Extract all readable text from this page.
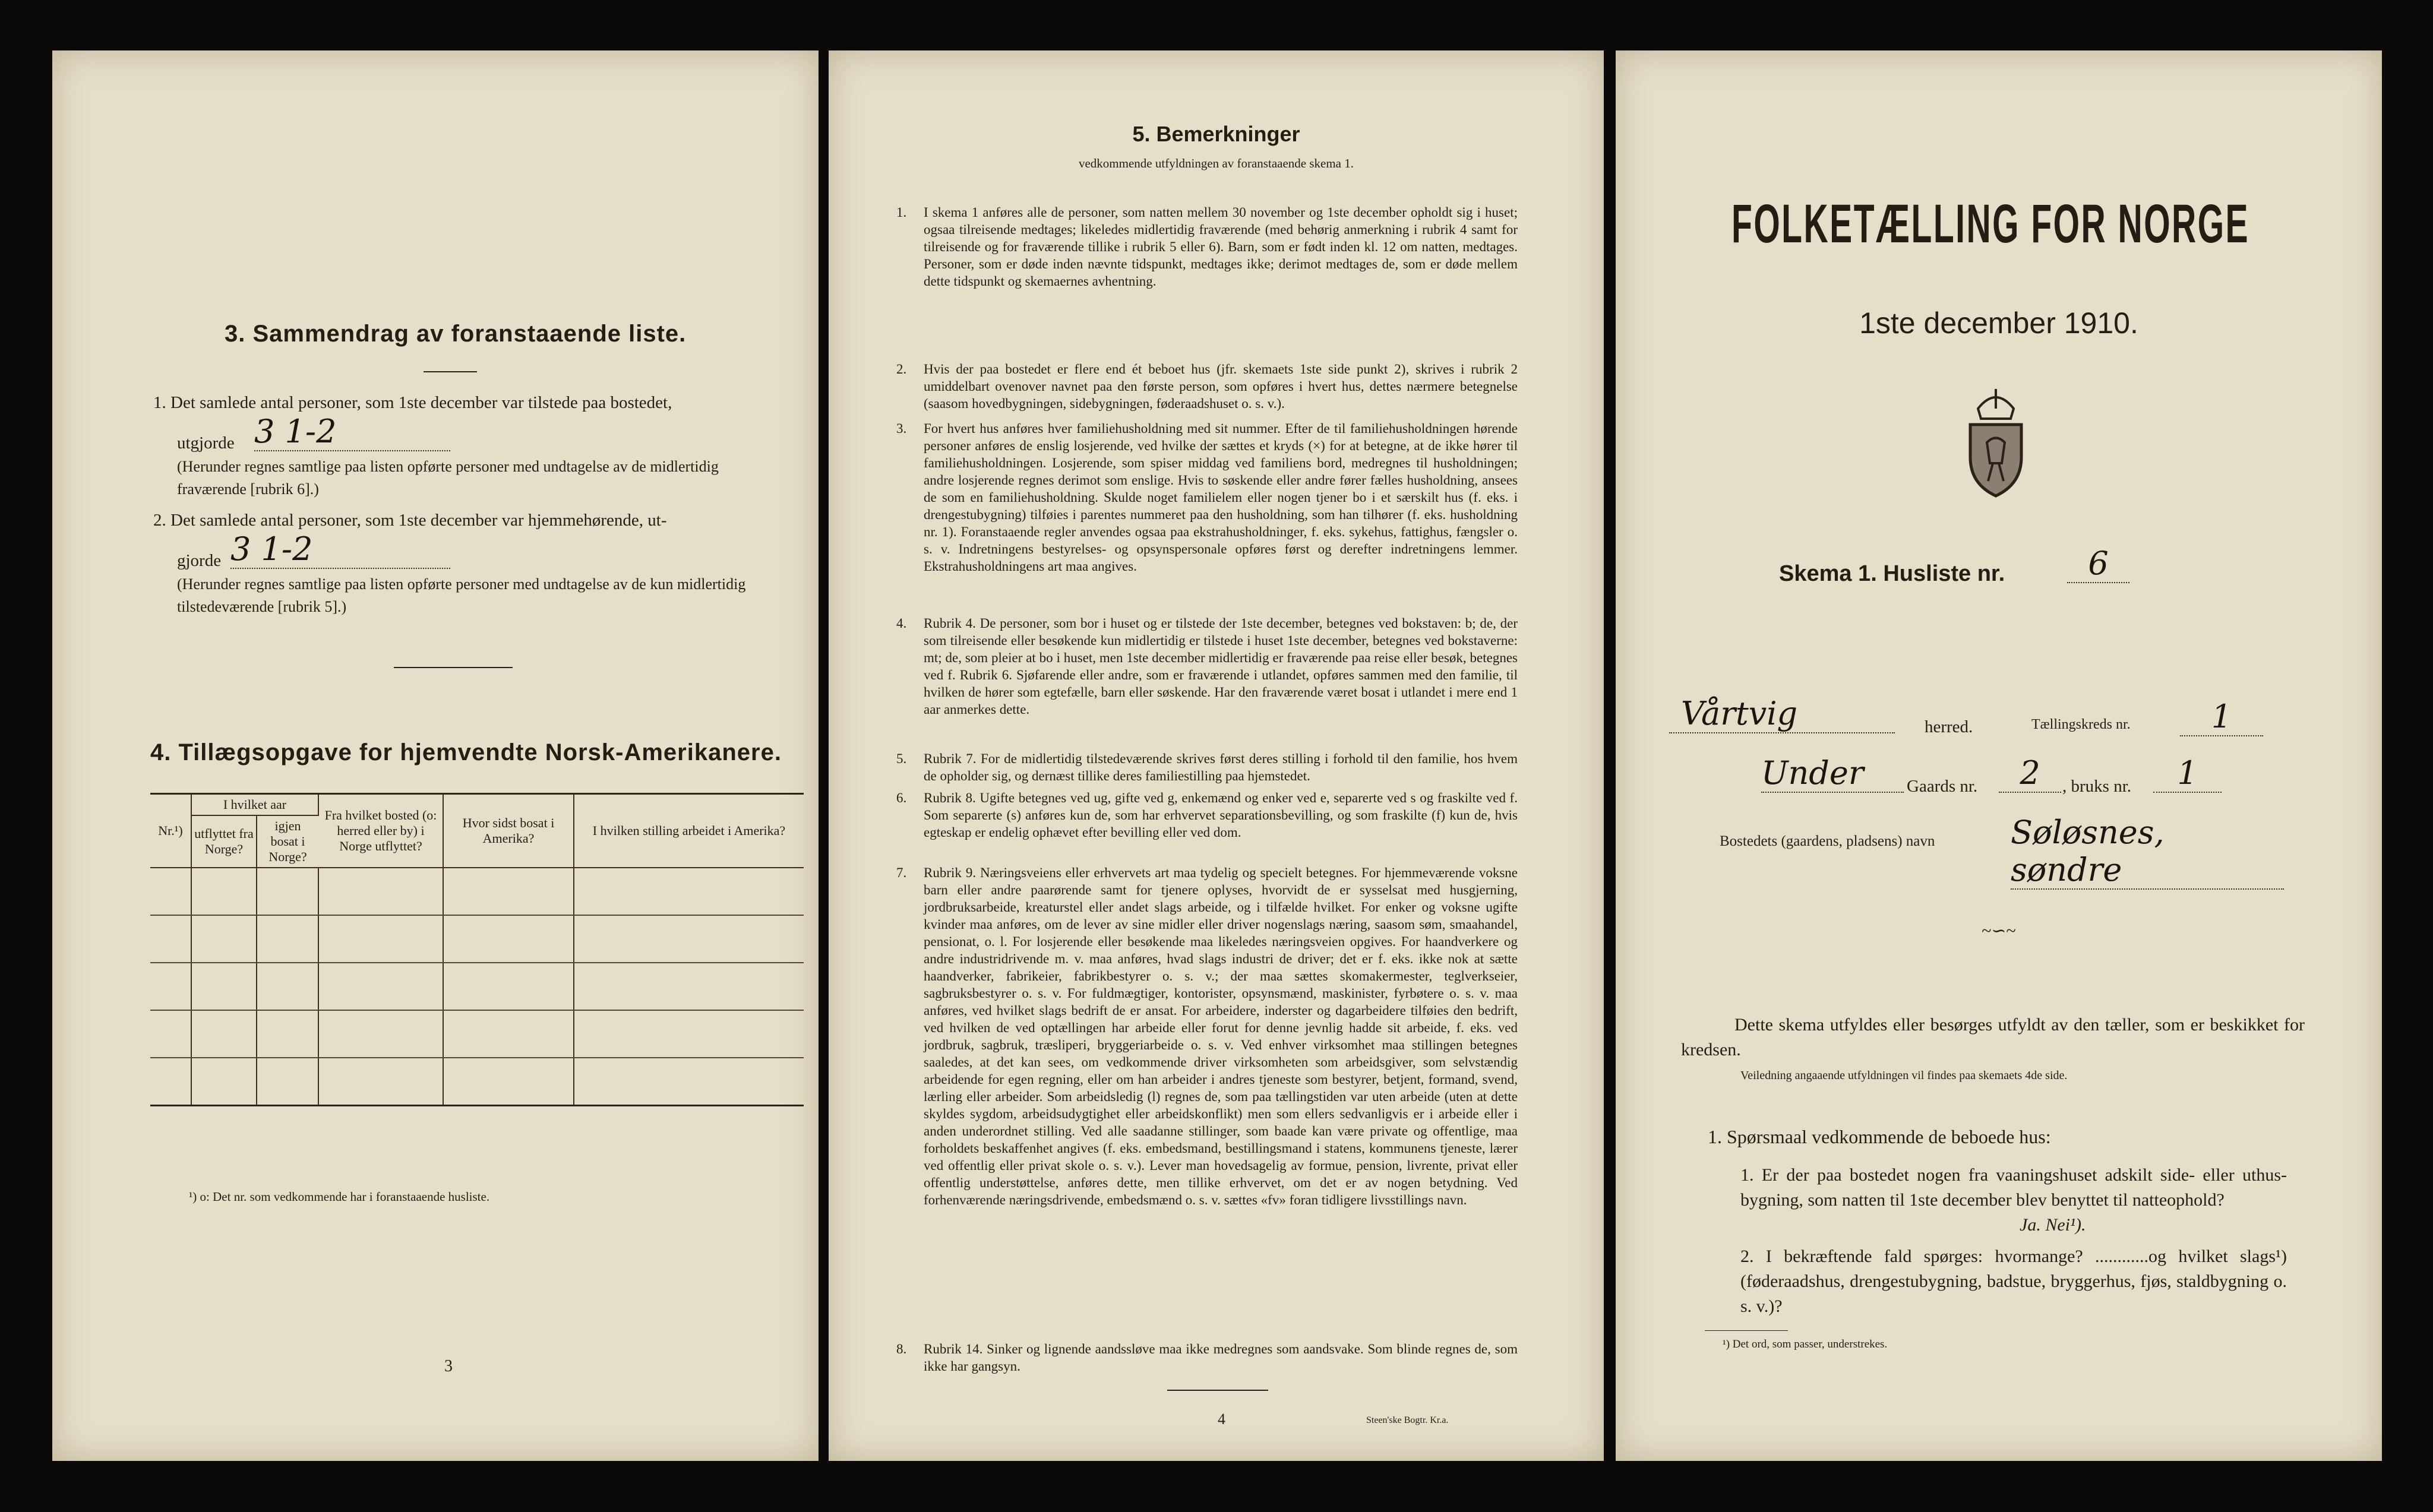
3. Sammendrag av foranstaaende liste.
1. Det samlede antal personer, som 1ste december var tilstede paa bostedet,
utgjorde 3 1-2
(Herunder regnes samtlige paa listen opførte personer med undtagelse av de midlertidig fraværende [rubrik 6].)
2. Det samlede antal personer, som 1ste december var hjemmehørende, ut-
gjorde 3 1-2
(Herunder regnes samtlige paa listen opførte personer med undtagelse av de kun midlertidig tilstedeværende [rubrik 5].)
4. Tillægsopgave for hjemvendte Norsk-Amerikanere.
Nr.¹)	I hvilket aar		Fra hvilket bosted (o: herred eller by) i Norge utflyttet?	Hvor sidst bosat i Amerika?	I hvilken stilling arbeidet i Amerika?
	utflyttet fra Norge?	igjen bosat i Norge?			

¹) o: Det nr. som vedkommende har i foranstaaende husliste.
3
5. Bemerkninger
vedkommende utfyldningen av foranstaaende skema 1.
1. I skema 1 anføres alle de personer, som natten mellem 30 november og 1ste december opholdt sig i huset; ogsaa tilreisende medtages; likeledes midlertidig fraværende (med behørig anmerkning i rubrik 4 samt for tilreisende og for fraværende tillike i rubrik 5 eller 6). Barn, som er født inden kl. 12 om natten, medtages. Personer, som er døde inden nævnte tidspunkt, medtages ikke; derimot medtages de, som er døde mellem dette tidspunkt og skemaernes avhentning.
2. Hvis der paa bostedet er flere end ét beboet hus (jfr. skemaets 1ste side punkt 2), skrives i rubrik 2 umiddelbart ovenover navnet paa den første person, som opføres i hvert hus, dettes nærmere betegnelse (saasom hovedbygningen, sidebygningen, føderaadshuset o. s. v.).
3. For hvert hus anføres hver familiehusholdning med sit nummer. Efter de til familiehusholdningen hørende personer anføres de enslig losjerende, ved hvilke der sættes et kryds (×) for at betegne, at de ikke hører til familiehusholdningen. Losjerende, som spiser middag ved familiens bord, medregnes til husholdningen; andre losjerende regnes derimot som enslige. Hvis to søskende eller andre fører fælles husholdning, ansees de som en familiehusholdning. Skulde noget familielem eller nogen tjener bo i et særskilt hus (f. eks. i drengestubygning) tilføies i parentes nummeret paa den husholdning, som han tilhører (f. eks. husholdning nr. 1). Foranstaaende regler anvendes ogsaa paa ekstrahusholdninger, f. eks. sykehus, fattighus, fængsler o. s. v. Indretningens bestyrelses- og opsynspersonale opføres først og derefter indretningens lemmer. Ekstrahusholdningens art maa angives.
4. Rubrik 4. De personer, som bor i huset og er tilstede der 1ste december, betegnes ved bokstaven: b; de, der som tilreisende eller besøkende kun midlertidig er tilstede i huset 1ste december, betegnes ved bokstaverne: mt; de, som pleier at bo i huset, men 1ste december midlertidig er fraværende paa reise eller besøk, betegnes ved f. Rubrik 6. Sjøfarende eller andre, som er fraværende i utlandet, opføres sammen med den familie, til hvilken de hører som egtefælle, barn eller søskende. Har den fraværende været bosat i utlandet i mere end 1 aar anmerkes dette.
5. Rubrik 7. For de midlertidig tilstedeværende skrives først deres stilling i forhold til den familie, hos hvem de opholder sig, og dernæst tillike deres familiestilling paa hjemstedet.
6. Rubrik 8. Ugifte betegnes ved ug, gifte ved g, enkemænd og enker ved e, separerte ved s og fraskilte ved f. Som separerte (s) anføres kun de, som har erhvervet separationsbevilling, og som fraskilte (f) kun de, hvis egteskap er endelig ophævet efter bevilling eller ved dom.
7. Rubrik 9. Næringsveiens eller erhvervets art maa tydelig og specielt betegnes. For hjemmeværende voksne barn eller andre paarørende samt for tjenere oplyses, hvorvidt de er sysselsat med husgjerning, jordbruksarbeide, kreaturstel eller andet slags arbeide, og i tilfælde hvilket. For enker og voksne ugifte kvinder maa anføres, om de lever av sine midler eller driver nogenslags næring, saasom søm, smaahandel, pensionat, o. l. For losjerende eller besøkende maa likeledes næringsveien opgives. For haandverkere og andre industridrivende m. v. maa anføres, hvad slags industri de driver; det er f. eks. ikke nok at sætte haandverker, fabrikeier, fabrikbestyrer o. s. v.; der maa sættes skomakermester, teglverkseier, sagbruksbestyrer o. s. v. For fuldmægtiger, kontorister, opsynsmænd, maskinister, fyrbøtere o. s. v. maa anføres, ved hvilket slags bedrift de er ansat. For arbeidere, inderster og dagarbeidere tilføies den bedrift, ved hvilken de ved optællingen har arbeide eller forut for denne jevnlig hadde sit arbeide, f. eks. ved jordbruk, sagbruk, træsliperi, bryggeriarbeide o. s. v. Ved enhver virksomhet maa stillingen betegnes saaledes, at det kan sees, om vedkommende driver virksomheten som arbeidsgiver, som selvstændig arbeidende for egen regning, eller om han arbeider i andres tjeneste som bestyrer, betjent, formand, svend, lærling eller arbeider. Som arbeidsledig (l) regnes de, som paa tællingstiden var uten arbeide (uten at dette skyldes sygdom, arbeidsudygtighet eller arbeidskonflikt) men som ellers sedvanligvis er i arbeide eller i anden underordnet stilling. Ved alle saadanne stillinger, som baade kan være private og offentlige, maa forholdets beskaffenhet angives (f. eks. embedsmand, bestillingsmand i statens, kommunens tjeneste, lærer ved offentlig eller privat skole o. s. v.). Lever man hovedsagelig av formue, pension, livrente, privat eller offentlig understøttelse, anføres dette, men tillike erhvervet, om det er av nogen betydning. Ved forhenværende næringsdrivende, embedsmænd o. s. v. sættes «fv» foran tidligere livsstillings navn.
8. Rubrik 14. Sinker og lignende aandssløve maa ikke medregnes som aandsvake. Som blinde regnes de, som ikke har gangsyn.
4	Steen'ske Bogtr. Kr.a.
FOLKETÆLLING FOR NORGE
1ste december 1910.
Skema 1. Husliste nr.	6
Vårtvig	herred.	Tællingskreds nr.	1
Under	Gaards nr.	2	, bruks nr.	1
Bostedets (gaardens, pladsens) navn Søløsnes, søndre
~∽~
Dette skema utfyldes eller besørges utfyldt av den tæller, som er beskikket for kredsen.
Veiledning angaaende utfyldningen vil findes paa skemaets 4de side.
1. Spørsmaal vedkommende de beboede hus:
1. Er der paa bostedet nogen fra vaaningshuset adskilt side- eller uthus-bygning, som natten til 1ste december blev benyttet til natteophold?
Ja. Nei¹).
2. I bekræftende fald spørges: hvormange? ............og hvilket slags¹) (føderaadshus, drengestubygning, badstue, bryggerhus, fjøs, staldbygning o. s. v.)?
¹) Det ord, som passer, understrekes.
